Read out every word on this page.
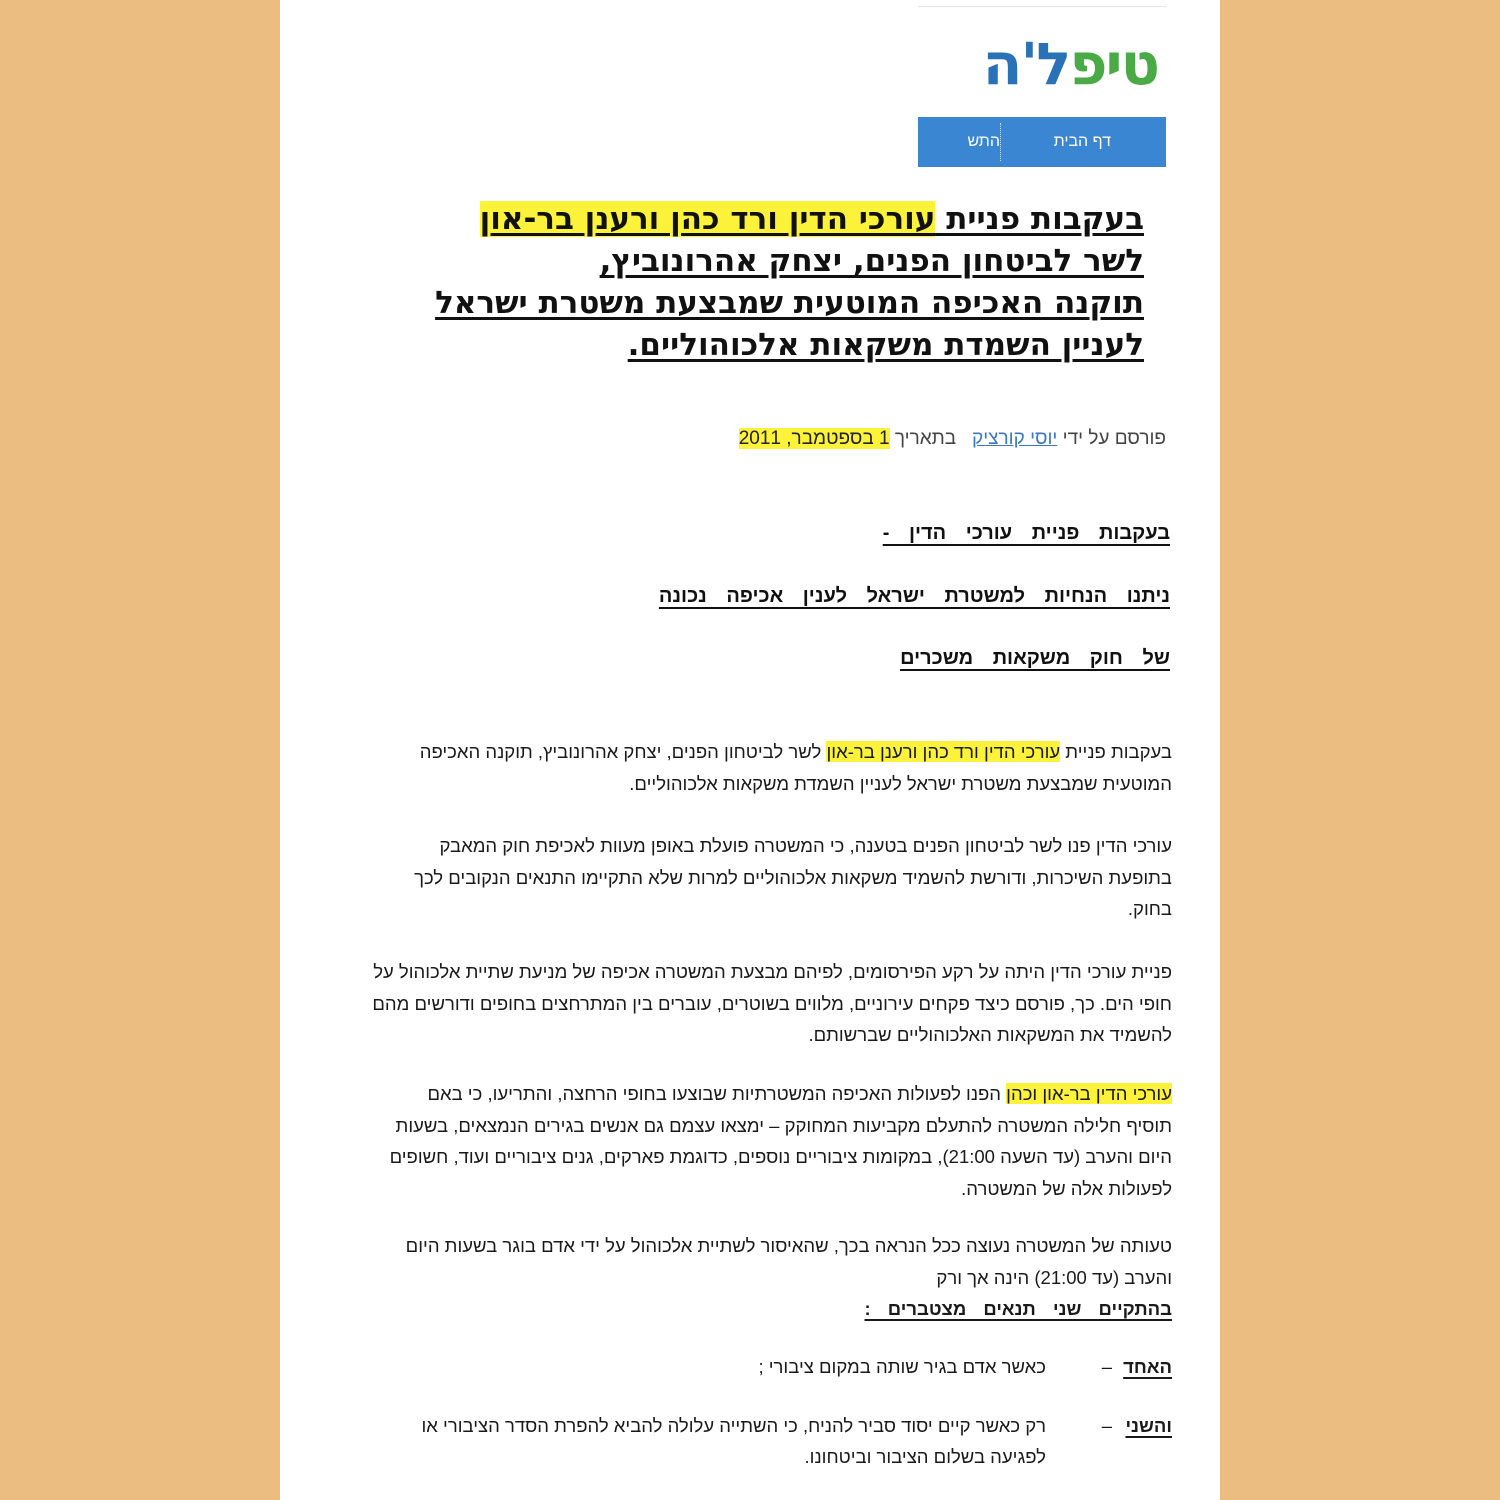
טיפל'ה
דף הבית
התש
בעקבות פניית עורכי הדין ורד כהן ורענן בר-און
לשר לביטחון הפנים, יצחק אהרונוביץ,
תוקנה האכיפה המוטעית שמבצעת משטרת ישראל
לעניין השמדת משקאות אלכוהוליים.
פורסם על ידי יוסי קורציק   בתאריך 1 בספטמבר, 2011
בעקבות פניית עורכי הדין -
ניתנו הנחיות למשטרת ישראל לענין אכיפה נכונה
של חוק משקאות משכרים
בעקבות פניית עורכי הדין ורד כהן ורענן בר-און לשר לביטחון הפנים, יצחק אהרונוביץ, תוקנה האכיפה המוטעית שמבצעת משטרת ישראל לעניין השמדת משקאות אלכוהוליים.
עורכי הדין פנו לשר לביטחון הפנים בטענה, כי המשטרה פועלת באופן מעוות לאכיפת חוק המאבק בתופעת השיכרות, ודורשת להשמיד משקאות אלכוהוליים למרות שלא התקיימו התנאים הנקובים לכך בחוק.
פניית עורכי הדין היתה על רקע הפירסומים, לפיהם מבצעת המשטרה אכיפה של מניעת שתיית אלכוהול על חופי הים. כך, פורסם כיצד פקחים עירוניים, מלווים בשוטרים, עוברים בין המתרחצים בחופים ודורשים מהם להשמיד את המשקאות האלכוהוליים שברשותם.
עורכי הדין בר-און וכהן הפנו לפעולות האכיפה המשטרתיות שבוצעו בחופי הרחצה, והתריעו, כי באם תוסיף חלילה המשטרה להתעלם מקביעות המחוקק – ימצאו עצמם גם אנשים בגירים הנמצאים, בשעות היום והערב (עד השעה 21:00), במקומות ציבוריים נוספים, כדוגמת פארקים, גנים ציבוריים ועוד, חשופים לפעולות אלה של המשטרה.
טעותה של המשטרה נעוצה ככל הנראה בכך, שהאיסור לשתיית אלכוהול על ידי אדם בוגר בשעות היום והערב (עד 21:00) הינה אך ורק
בהתקיים שני תנאים מצטברים :
האחד
–
כאשר אדם בגיר שותה במקום ציבורי ;
והשני
–
רק כאשר קיים יסוד סביר להניח, כי השתייה עלולה להביא להפרת הסדר הציבורי או לפגיעה בשלום הציבור וביטחונו.
